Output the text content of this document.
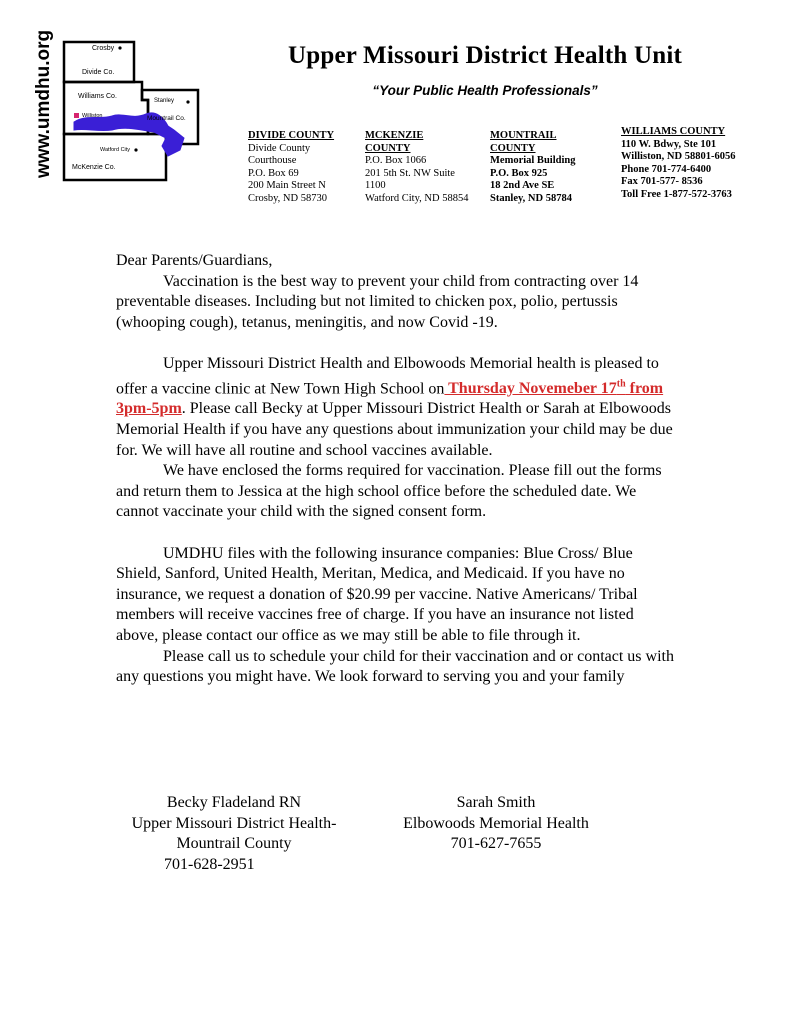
www.umdhu.org	Crosby
Divide Co.
Williams Co.
Williston
Stanley
Mountrail Co.
Watford City
McKenzie Co.
Upper Missouri District Health Unit
“Your Public Health Professionals”
DIVIDE COUNTY
Divide County
Courthouse
P.O. Box 69
200 Main Street N
Crosby, ND 58730
MCKENZIE COUNTY
P.O. Box 1066
201 5th St. NW Suite
1100
Watford City, ND 58854
MOUNTRAIL COUNTY
Memorial Building
P.O. Box 925
18 2nd Ave SE
Stanley, ND 58784
WILLIAMS COUNTY
110 W. Bdwy, Ste 101
Williston, ND 58801-6056
Phone 701-774-6400
Fax 701-577- 8536
Toll Free 1-877-572-3763

Dear Parents/Guardians,

Vaccination is the best way to prevent your child from contracting over 14 preventable diseases. Including but not limited to chicken pox, polio, pertussis (whooping cough), tetanus, meningitis, and now Covid -19.

Upper Missouri District Health and Elbowoods Memorial health is pleased to offer a vaccine clinic at New Town High School on Thursday Novemeber 17th from 3pm-5pm. Please call Becky at Upper Missouri District Health or Sarah at Elbowoods Memorial Health if you have any questions about immunization your child may be due for. We will have all routine and school vaccines available.

We have enclosed the forms required for vaccination. Please fill out the forms and return them to Jessica at the high school office before the scheduled date. We cannot vaccinate your child with the signed consent form.

UMDHU files with the following insurance companies: Blue Cross/ Blue Shield, Sanford, United Health, Meritan, Medica, and Medicaid. If you have no insurance, we request a donation of $20.99 per vaccine. Native Americans/ Tribal members will receive vaccines free of charge. If you have an insurance not listed above, please contact our office as we may still be able to file through it.

Please call us to schedule your child for their vaccination and or contact us with any questions you might have. We look forward to serving you and your family

Becky Fladeland RN
Upper Missouri District Health-
Mountrail County
701-628-2951
Sarah Smith
Elbowoods Memorial Health
701-627-7655
